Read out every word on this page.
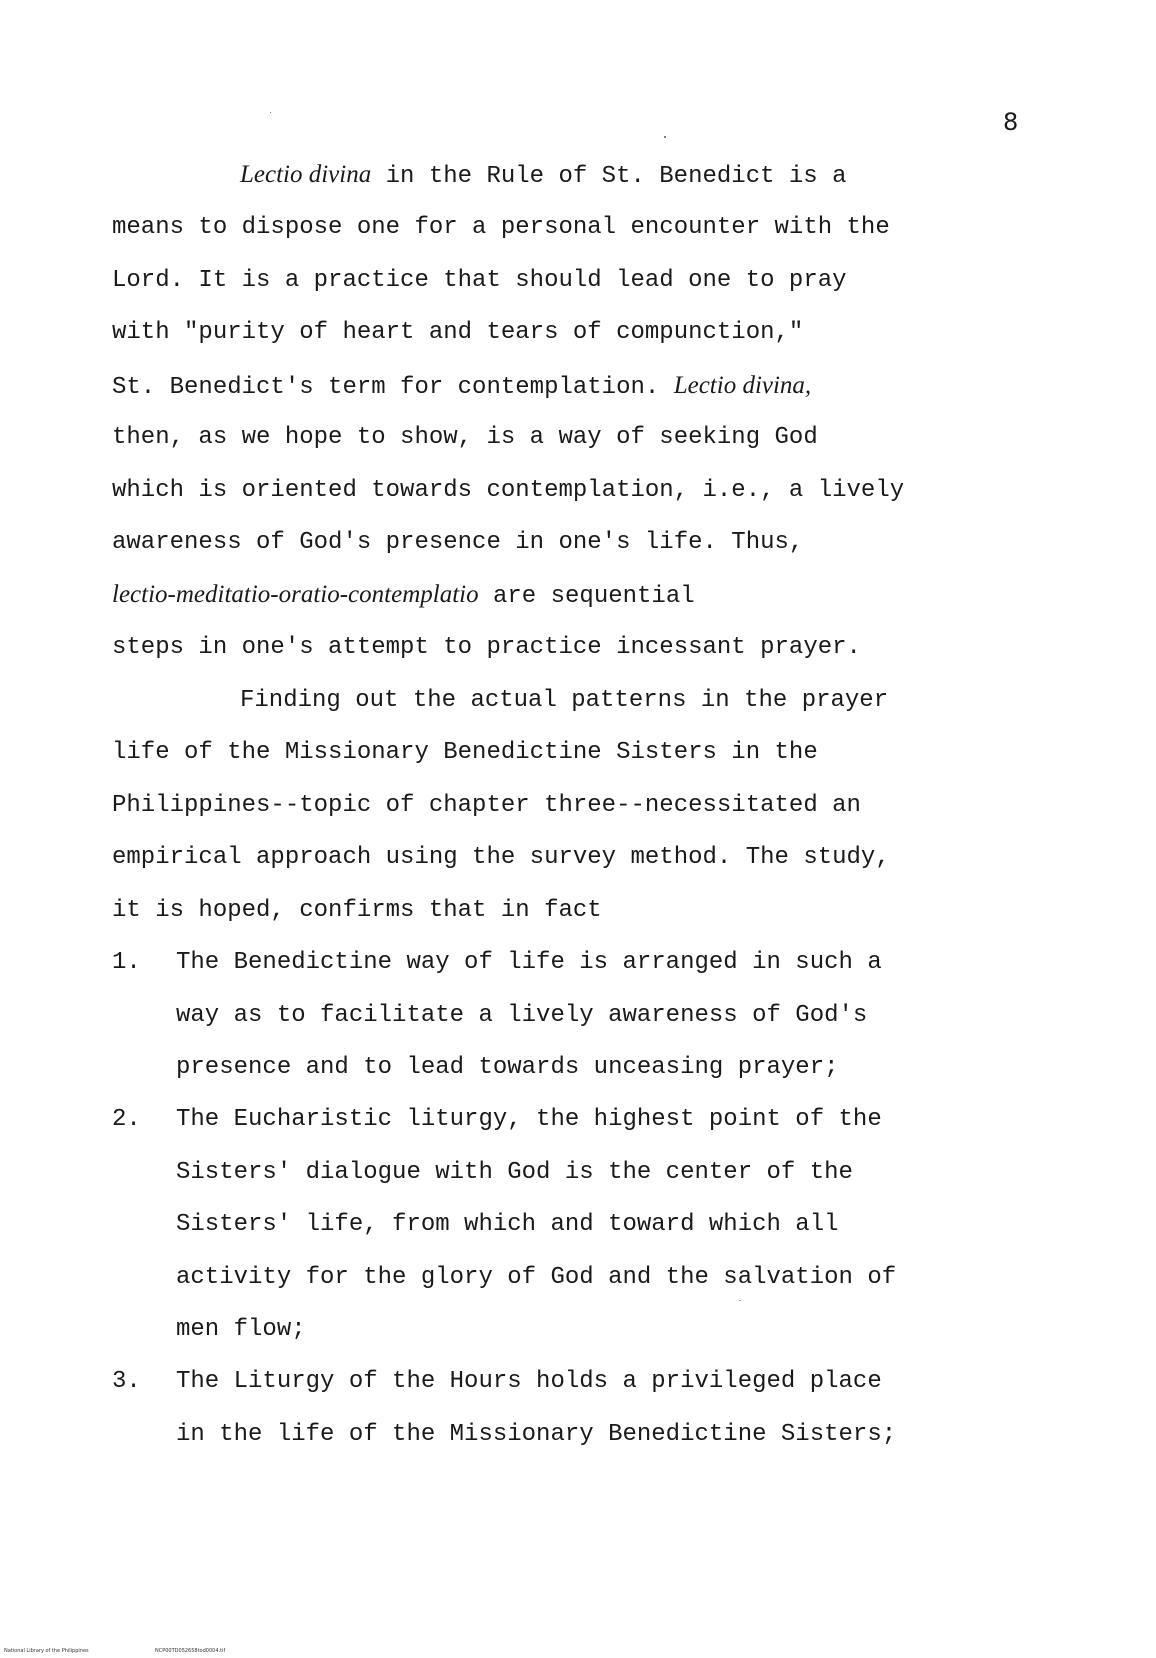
8
Lectio divina in the Rule of St. Benedict is a
means to dispose one for a personal encounter with the
Lord. It is a practice that should lead one to pray
with "purity of heart and tears of compunction,"
St. Benedict's term for contemplation. Lectio divina,
then, as we hope to show, is a way of seeking God
which is oriented towards contemplation, i.e., a lively
awareness of God's presence in one's life. Thus,
lectio-meditatio-oratio-contemplatio are sequential
steps in one's attempt to practice incessant prayer.
Finding out the actual patterns in the prayer
life of the Missionary Benedictine Sisters in the
Philippines--topic of chapter three--necessitated an
empirical approach using the survey method. The study,
it is hoped, confirms that in fact
1. The Benedictine way of life is arranged in such a
way as to facilitate a lively awareness of God's
presence and to lead towards unceasing prayer;
2. The Eucharistic liturgy, the highest point of the
Sisters' dialogue with God is the center of the
Sisters' life, from which and toward which all
activity for the glory of God and the salvation of
men flow;
3. The Liturgy of the Hours holds a privileged place
in the life of the Missionary Benedictine Sisters;
National Library of the Philippines	NCP00TD052658tod0004.tif
